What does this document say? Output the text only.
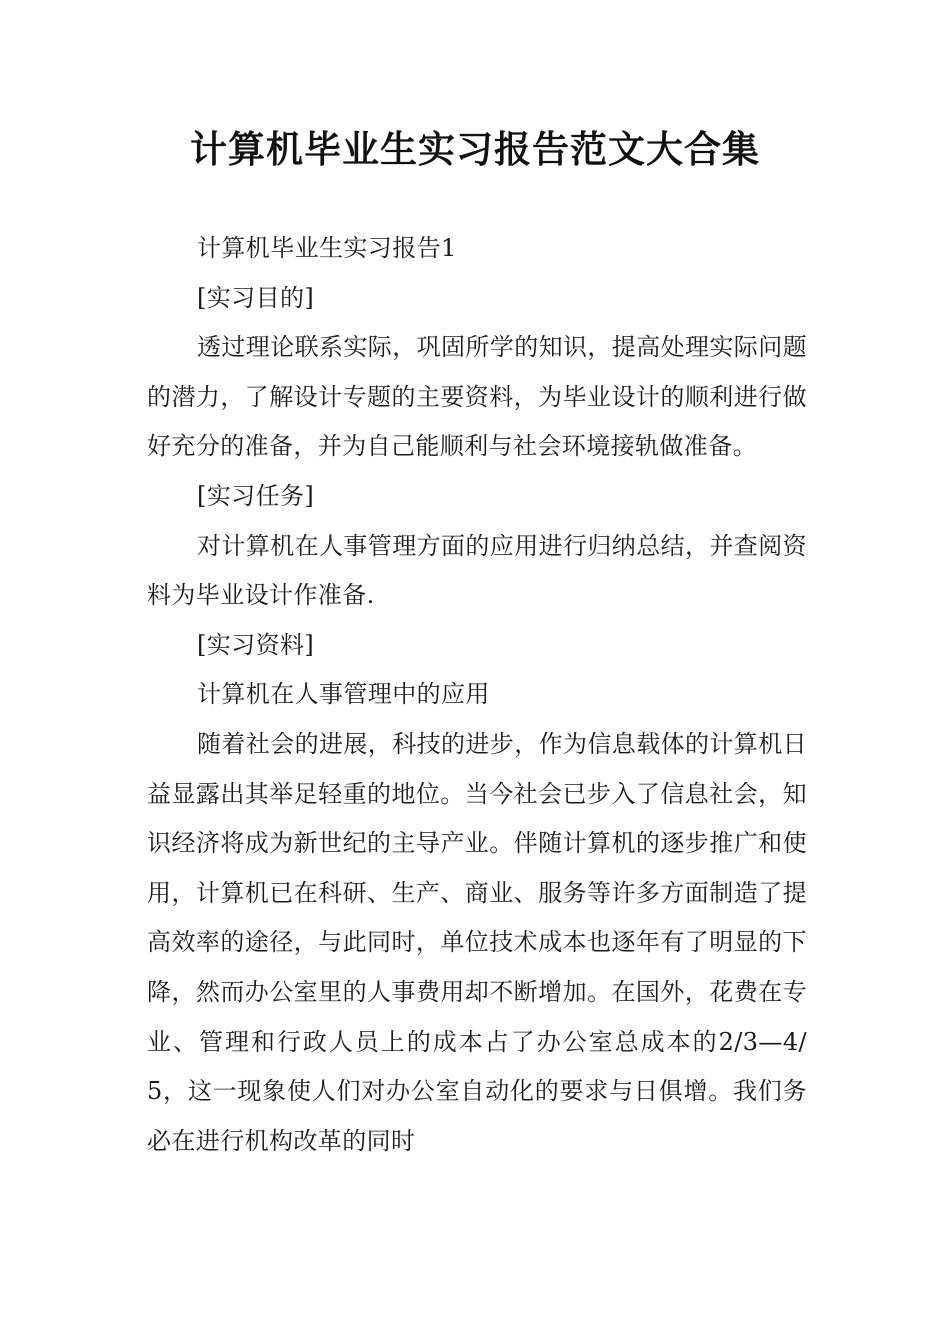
计算机毕业生实习报告范文大合集

计算机毕业生实习报告1

[实习目的]

透过理论联系实际，巩固所学的知识，提高处理实际问题的潜力，了解设计专题的主要资料，为毕业设计的顺利进行做好充分的准备，并为自己能顺利与社会环境接轨做准备。

[实习任务]

对计算机在人事管理方面的应用进行归纳总结，并查阅资料为毕业设计作准备.

[实习资料]

计算机在人事管理中的应用

随着社会的进展，科技的进步，作为信息载体的计算机日益显露出其举足轻重的地位。当今社会已步入了信息社会，知识经济将成为新世纪的主导产业。伴随计算机的逐步推广和使用，计算机已在科研、生产、商业、服务等许多方面制造了提高效率的途径，与此同时，单位技术成本也逐年有了明显的下降，然而办公室里的人事费用却不断增加。在国外，花费在专业、管理和行政人员上的成本占了办公室总成本的2/3—4/5，这一现象使人们对办公室自动化的要求与日俱增。我们务必在进行机构改革的同时
